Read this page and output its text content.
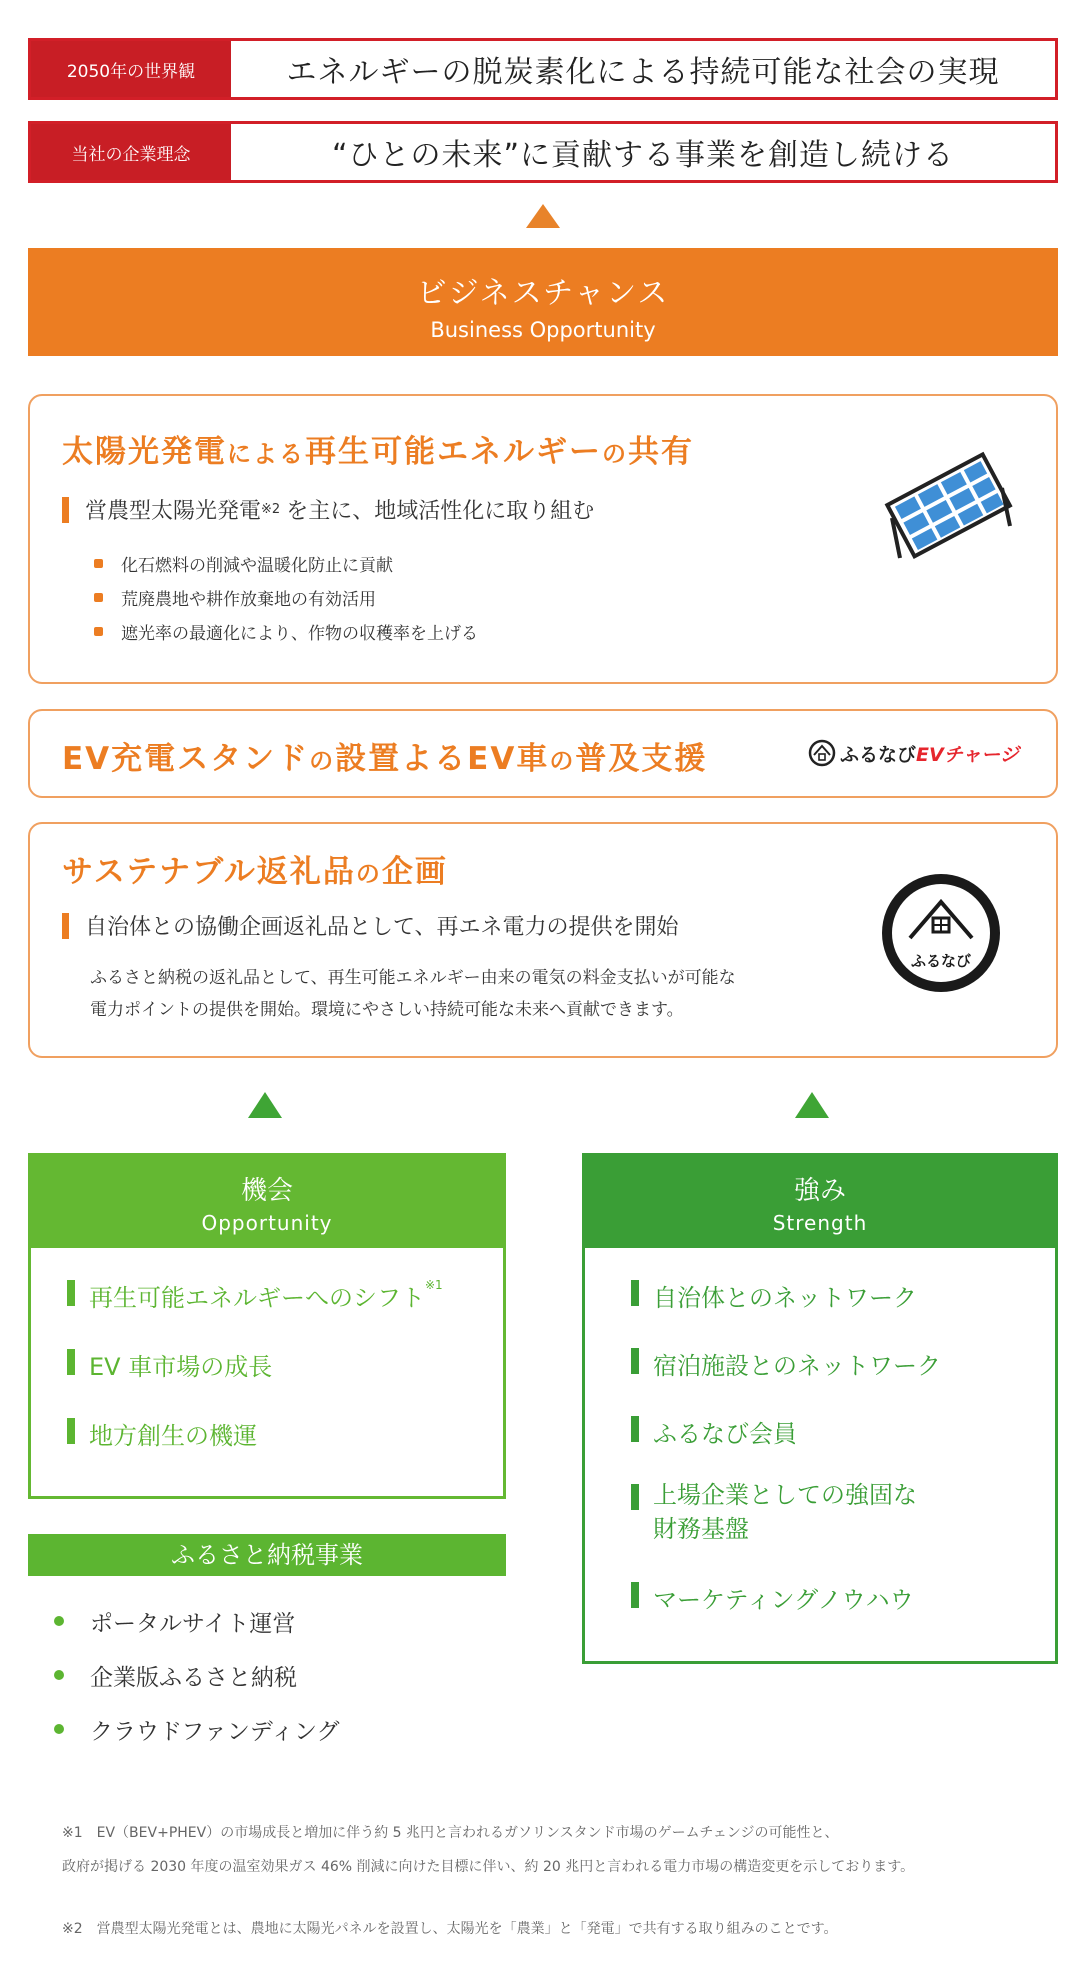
2050年の世界観	エネルギーの脱炭素化による持続可能な社会の実現
当社の企業理念	“ひとの未来”に貢献する事業を創造し続ける
ビジネスチャンス
Business Opportunity
太陽光発電による再生可能エネルギーの共有
営農型太陽光発電 ※2 を主に、地域活性化に取り組む
化石燃料の削減や温暖化防止に貢献
荒廃農地や耕作放棄地の有効活用
遮光率の最適化により、作物の収穫率を上げる
EV充電スタンドの設置よるEV車の普及支援	ふるなび EVチャージ
サステナブル返礼品の企画
自治体との協働企画返礼品として、再エネ電力の提供を開始
ふるさと納税の返礼品として、再生可能エネルギー由来の電気の料金支払いが可能な
電力ポイントの提供を開始。環境にやさしい持続可能な未来へ貢献できます。
ふるなび
機会
Opportunity
再生可能エネルギーへのシフト$^{※1}$
EV 車市場の成長
地方創生の機運
強み
Strength
自治体とのネットワーク
宿泊施設とのネットワーク
ふるなび会員
上場企業としての強固な
財務基盤
マーケティングノウハウ
ふるさと納税事業
ポータルサイト運営
企業版ふるさと納税
クラウドファンディング
※1　EV（BEV+PHEV）の市場成長と増加に伴う約 5 兆円と言われるガソリンスタンド市場のゲームチェンジの可能性と、
政府が掲げる 2030 年度の温室効果ガス 46% 削減に向けた目標に伴い、約 20 兆円と言われる電力市場の構造変更を示しております。
※2　営農型太陽光発電とは、農地に太陽光パネルを設置し、太陽光を「農業」と「発電」で共有する取り組みのことです。
